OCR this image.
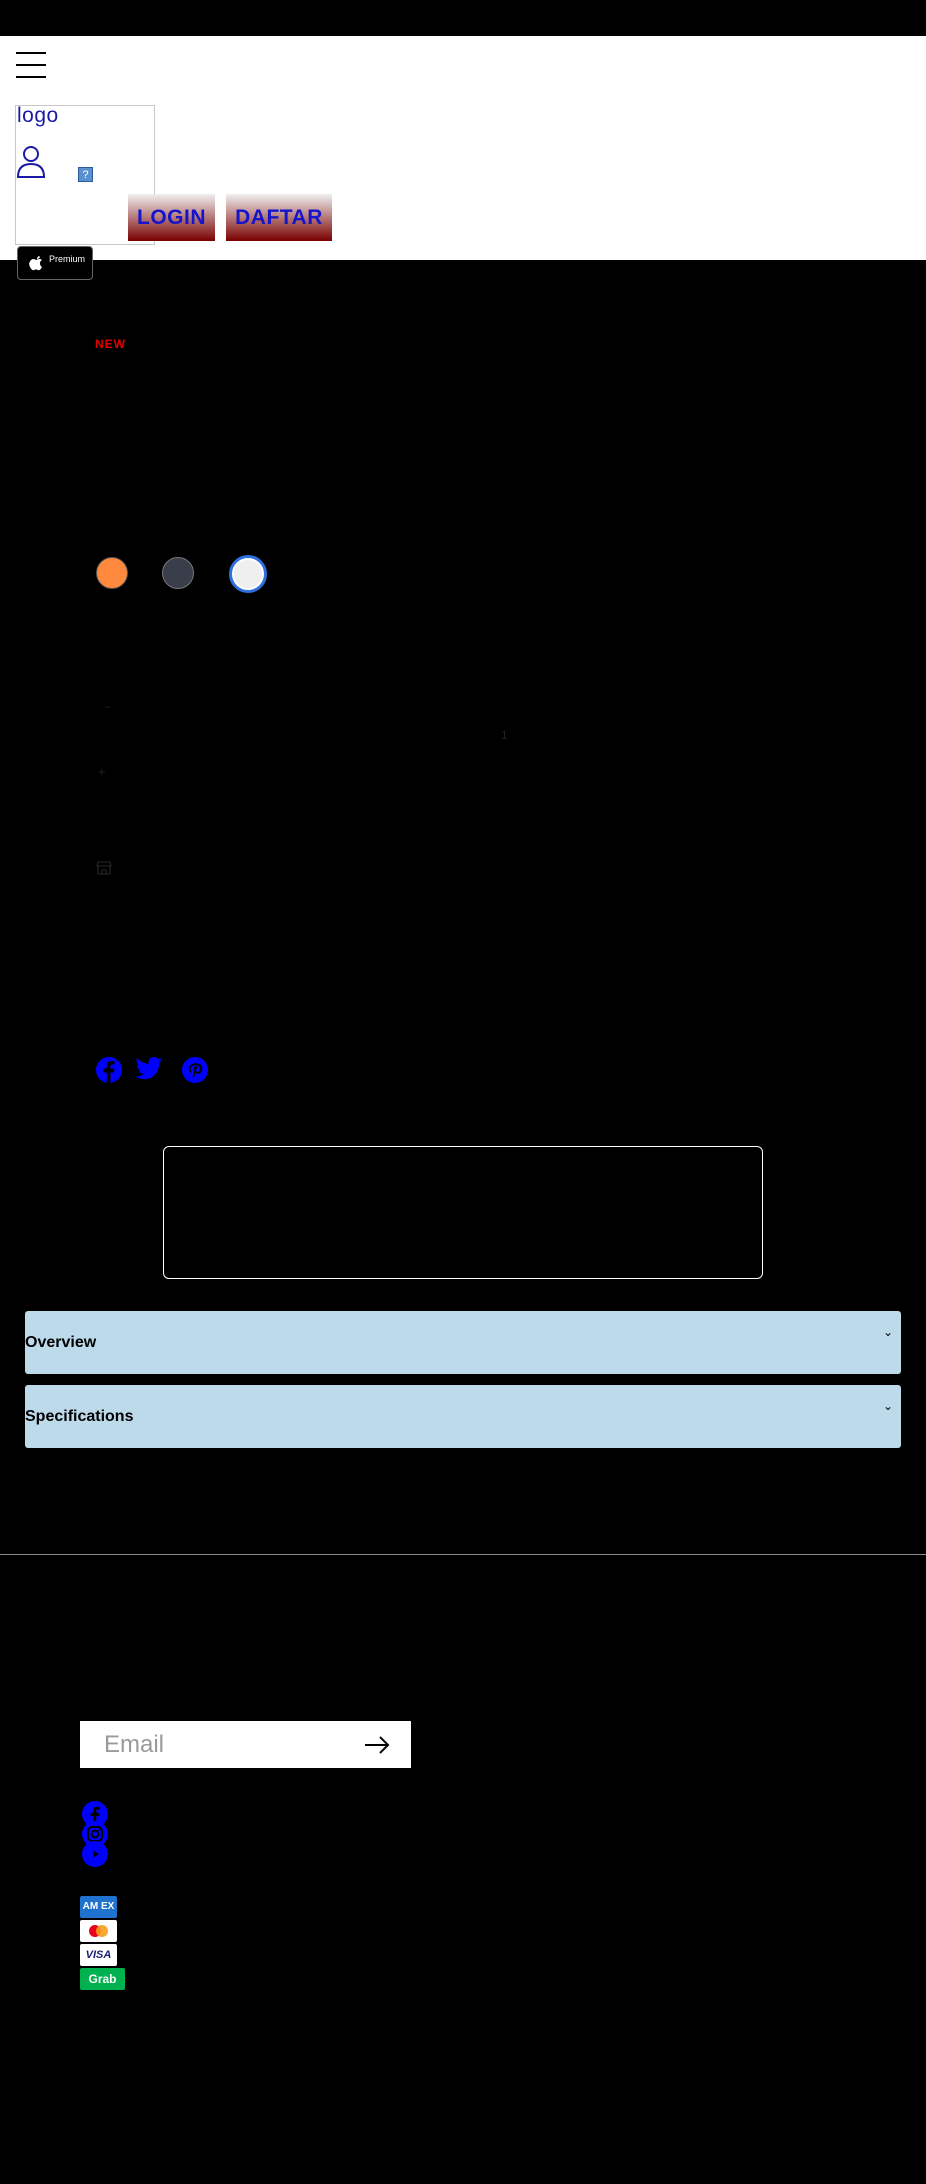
logo
?
LOGIN	DAFTAR
Premium
NEW
−
1
+
Overview
⌄
Specifications
⌄
Email
AM EX
VISA
Grab
